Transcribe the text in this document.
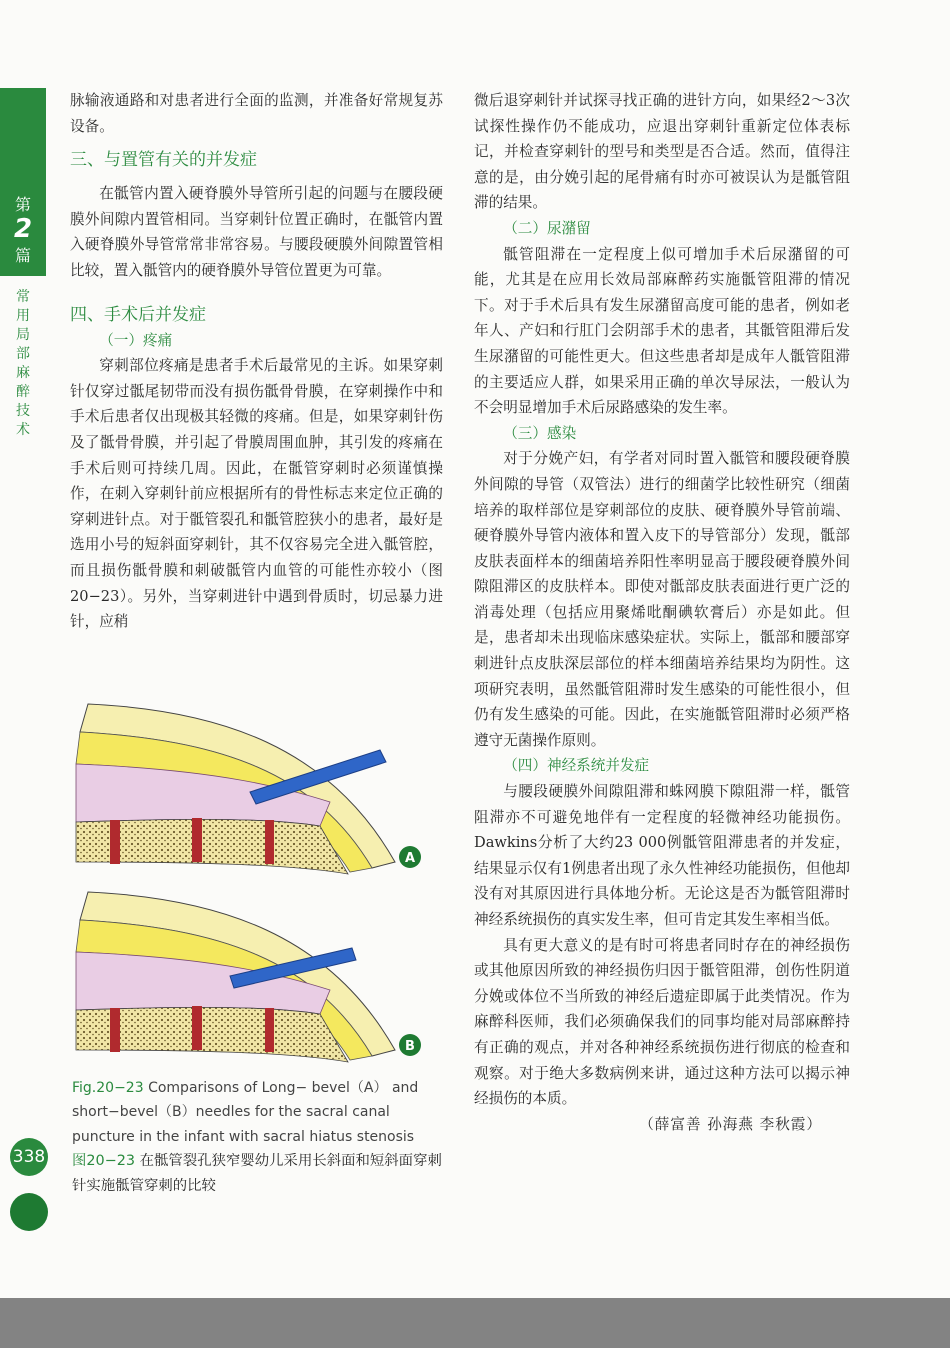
第
2
篇
常用局部麻醉技术
338

脉输液通路和对患者进行全面的监测，并准备好常规复苏设备。

三、与置管有关的并发症

在骶管内置入硬脊膜外导管所引起的问题与在腰段硬膜外间隙内置管相同。当穿刺针位置正确时，在骶管内置入硬脊膜外导管常常非常容易。与腰段硬膜外间隙置管相比较，置入骶管内的硬脊膜外导管位置更为可靠。

四、手术后并发症
（一）疼痛

穿刺部位疼痛是患者手术后最常见的主诉。如果穿刺针仅穿过骶尾韧带而没有损伤骶骨骨膜，在穿刺操作中和手术后患者仅出现极其轻微的疼痛。但是，如果穿刺针伤及了骶骨骨膜，并引起了骨膜周围血肿，其引发的疼痛在手术后则可持续几周。因此，在骶管穿刺时必须谨慎操作，在刺入穿刺针前应根据所有的骨性标志来定位正确的穿刺进针点。对于骶管裂孔和骶管腔狭小的患者，最好是选用小号的短斜面穿刺针，其不仅容易完全进入骶管腔，而且损伤骶骨膜和刺破骶管内血管的可能性亦较小（图20−23）。另外，当穿刺进针中遇到骨质时，切忌暴力进针，应稍

A
B
Fig.20−23 Comparisons of Long− bevel（A） and short−bevel（B）needles for the sacral canal puncture in the infant with sacral hiatus stenosis
图20−23 在骶管裂孔狭窄婴幼儿采用长斜面和短斜面穿刺针实施骶管穿刺的比较

微后退穿刺针并试探寻找正确的进针方向，如果经2～3次试探性操作仍不能成功，应退出穿刺针重新定位体表标记，并检查穿刺针的型号和类型是否合适。然而，值得注意的是，由分娩引起的尾骨痛有时亦可被误认为是骶管阻滞的结果。

（二）尿潴留

骶管阻滞在一定程度上似可增加手术后尿潴留的可能，尤其是在应用长效局部麻醉药实施骶管阻滞的情况下。对于手术后具有发生尿潴留高度可能的患者，例如老年人、产妇和行肛门会阴部手术的患者，其骶管阻滞后发生尿潴留的可能性更大。但这些患者却是成年人骶管阻滞的主要适应人群，如果采用正确的单次导尿法，一般认为不会明显增加手术后尿路感染的发生率。

（三）感染

对于分娩产妇，有学者对同时置入骶管和腰段硬脊膜外间隙的导管（双管法）进行的细菌学比较性研究（细菌培养的取样部位是穿刺部位的皮肤、硬脊膜外导管前端、硬脊膜外导管内液体和置入皮下的导管部分）发现，骶部皮肤表面样本的细菌培养阳性率明显高于腰段硬脊膜外间隙阻滞区的皮肤样本。即使对骶部皮肤表面进行更广泛的消毒处理（包括应用聚烯吡酮碘软膏后）亦是如此。但是，患者却未出现临床感染症状。实际上，骶部和腰部穿刺进针点皮肤深层部位的样本细菌培养结果均为阴性。这项研究表明，虽然骶管阻滞时发生感染的可能性很小，但仍有发生感染的可能。因此，在实施骶管阻滞时必须严格遵守无菌操作原则。

（四）神经系统并发症

与腰段硬膜外间隙阻滞和蛛网膜下隙阻滞一样，骶管阻滞亦不可避免地伴有一定程度的轻微神经功能损伤。Dawkins分析了大约23 000例骶管阻滞患者的并发症，结果显示仅有1例患者出现了永久性神经功能损伤，但他却没有对其原因进行具体地分析。无论这是否为骶管阻滞时神经系统损伤的真实发生率，但可肯定其发生率相当低。

具有更大意义的是有时可将患者同时存在的神经损伤或其他原因所致的神经损伤归因于骶管阻滞，创伤性阴道分娩或体位不当所致的神经后遗症即属于此类情况。作为麻醉科医师，我们必须确保我们的同事均能对局部麻醉持有正确的观点，并对各种神经系统损伤进行彻底的检查和观察。对于绝大多数病例来讲，通过这种方法可以揭示神经损伤的本质。

（薛富善 孙海燕 李秋霞）
